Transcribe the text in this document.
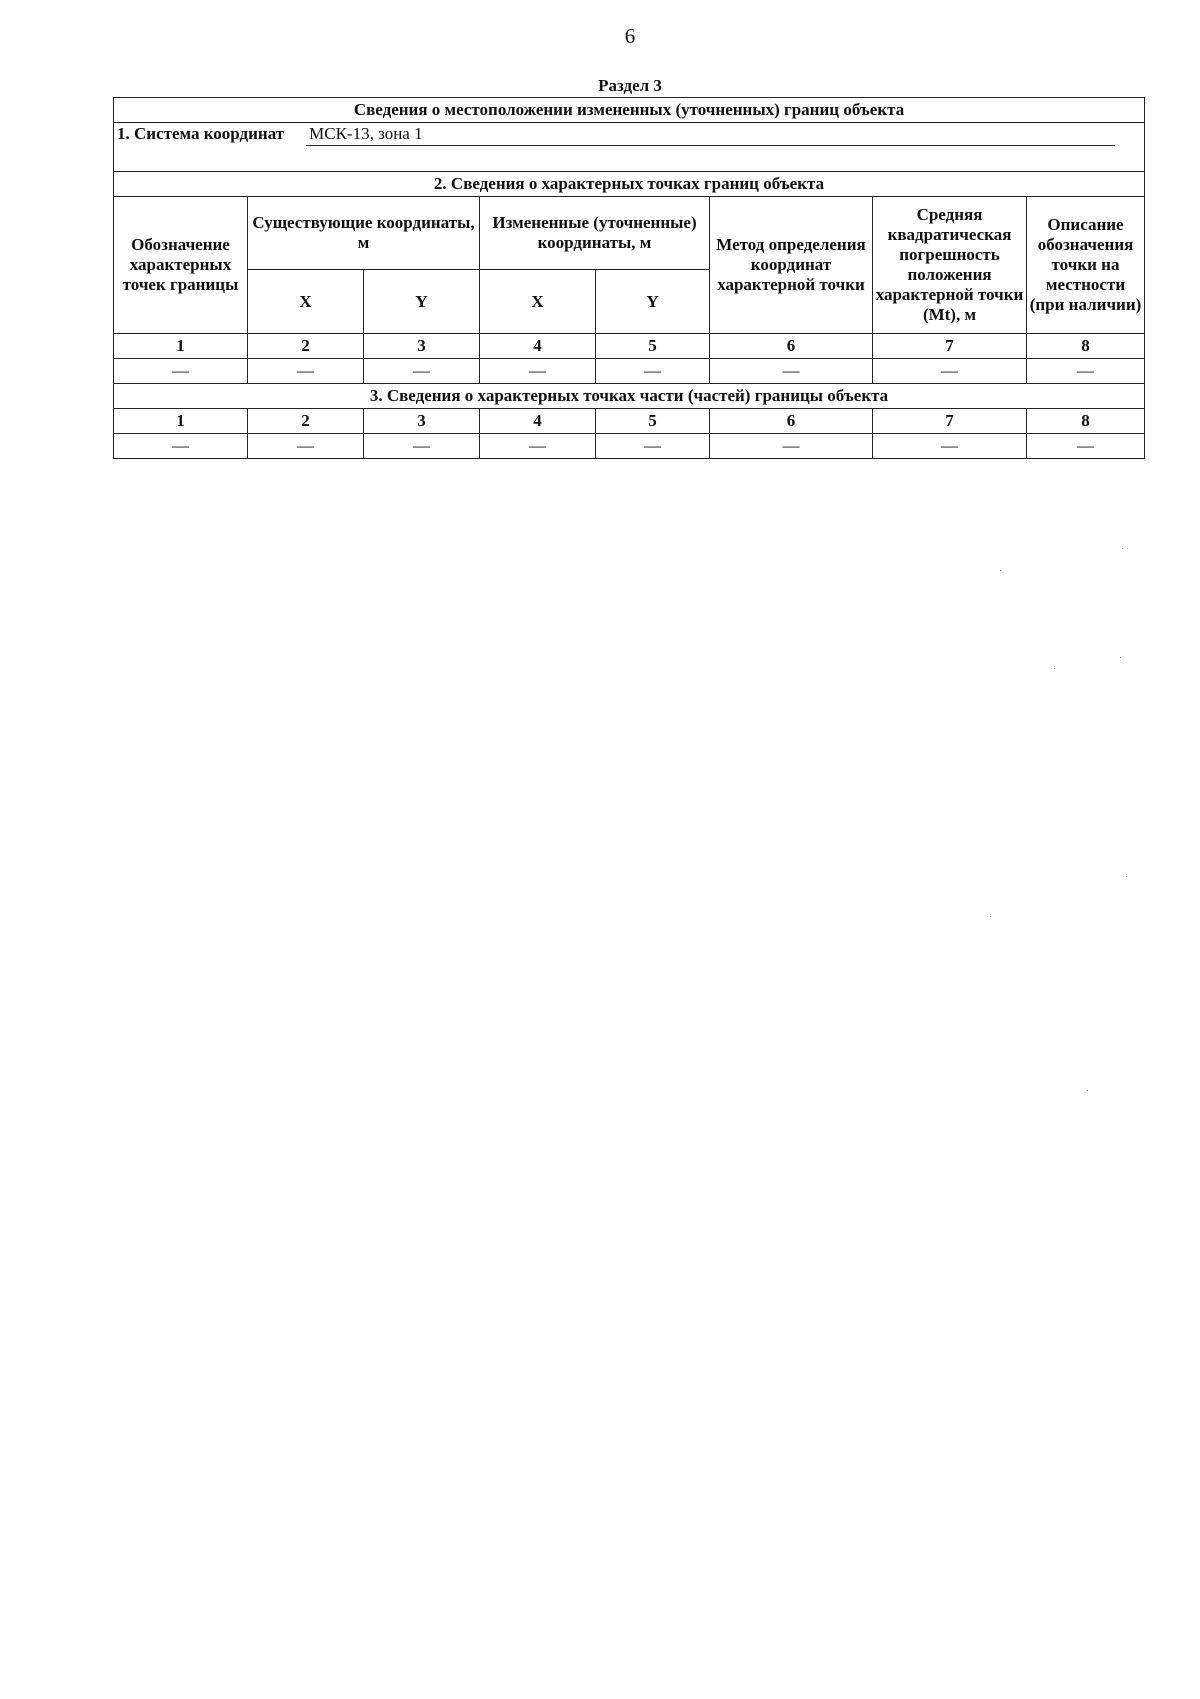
6
Раздел 3
Сведения о местоположении измененных (уточненных) границ объекта							
1. Система координат МСК-13, зона 1							
2. Сведения о характерных точках границ объекта							
Обозначение характерных точек границы	Существующие координаты, м		Измененные (уточненные) координаты, м		Метод определения координат характерной точки	Средняя квадратическая погрешность положения характерной точки (Mt), м	Описание обозначения точки на местности (при наличии)
	X	Y	X	Y			
1	2	3	4	5	6	7	8
—	—	—	—	—	—	—	—
3. Сведения о характерных точках части (частей) границы объекта							
1	2	3	4	5	6	7	8
—	—	—	—	—	—	—	—
